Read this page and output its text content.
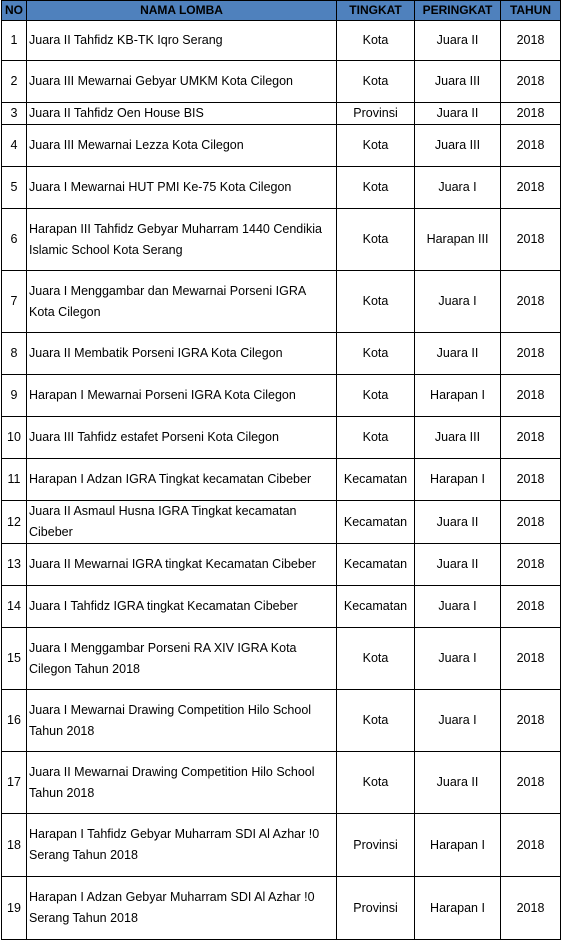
NO	NAMA LOMBA	TINGKAT	PERINGKAT	TAHUN
1	Juara II Tahfidz KB-TK Iqro Serang	Kota	Juara II	2018
2	Juara III Mewarnai Gebyar UMKM Kota Cilegon	Kota	Juara III	2018
3	Juara II Tahfidz Oen House BIS	Provinsi	Juara II	2018
4	Juara III Mewarnai Lezza Kota Cilegon	Kota	Juara III	2018
5	Juara I Mewarnai HUT PMI Ke-75 Kota Cilegon	Kota	Juara I	2018
6	Harapan III Tahfidz Gebyar Muharram 1440 Cendikia Islamic School Kota Serang	Kota	Harapan III	2018
7	Juara I Menggambar dan Mewarnai Porseni IGRA Kota Cilegon	Kota	Juara I	2018
8	Juara II Membatik Porseni IGRA Kota Cilegon	Kota	Juara II	2018
9	Harapan I Mewarnai Porseni IGRA Kota Cilegon	Kota	Harapan I	2018
10	Juara III Tahfidz estafet Porseni Kota Cilegon	Kota	Juara III	2018
11	Harapan I Adzan IGRA Tingkat kecamatan Cibeber	Kecamatan	Harapan I	2018
12	Juara II Asmaul Husna IGRA Tingkat kecamatan Cibeber	Kecamatan	Juara II	2018
13	Juara II Mewarnai IGRA tingkat Kecamatan Cibeber	Kecamatan	Juara II	2018
14	Juara I Tahfidz IGRA tingkat Kecamatan Cibeber	Kecamatan	Juara I	2018
15	Juara I Menggambar Porseni RA XIV IGRA Kota Cilegon Tahun 2018	Kota	Juara I	2018
16	Juara I Mewarnai Drawing Competition Hilo School Tahun 2018	Kota	Juara I	2018
17	Juara II Mewarnai Drawing Competition Hilo School Tahun 2018	Kota	Juara II	2018
18	Harapan I Tahfidz Gebyar Muharram SDI Al Azhar !0 Serang Tahun 2018	Provinsi	Harapan I	2018
19	Harapan I Adzan Gebyar Muharram SDI Al Azhar !0 Serang Tahun 2018	Provinsi	Harapan I	2018
